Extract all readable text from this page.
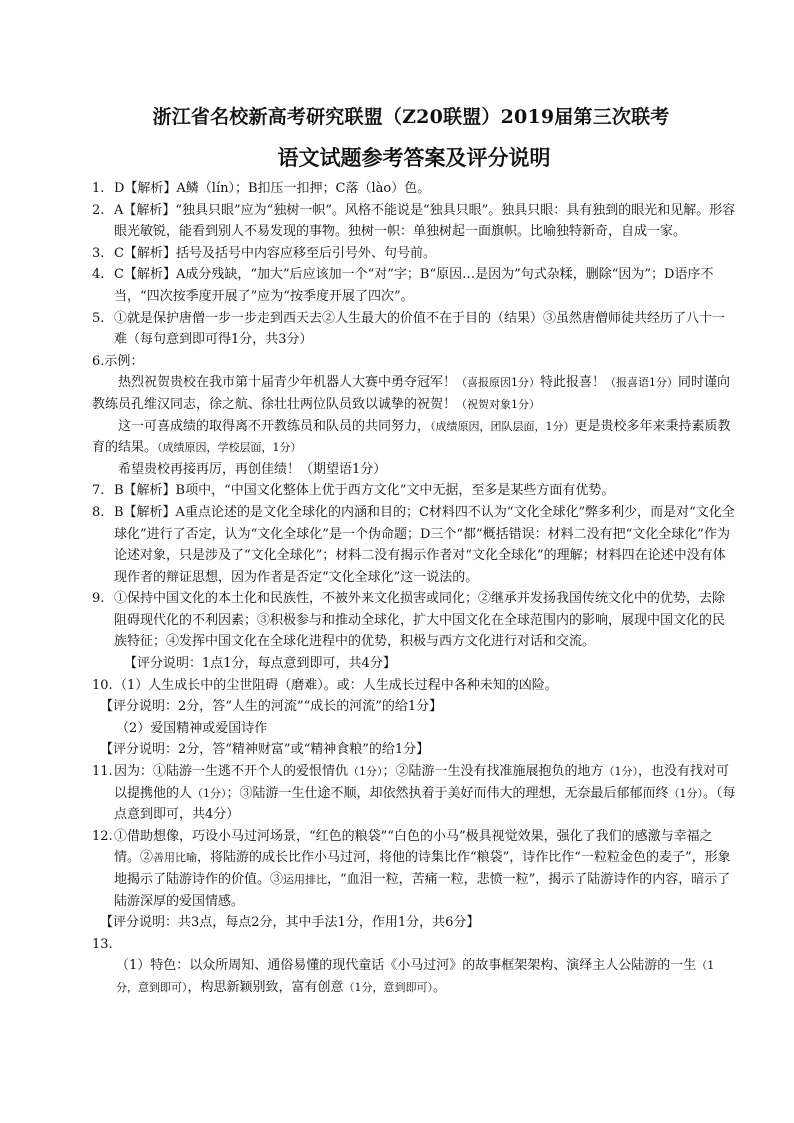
浙江省名校新高考研究联盟（Z20联盟）2019届第三次联考
语文试题参考答案及评分说明
1. D【解析】A鳞（lín）；B扣压一扣押；C落（lào）色。
2. A【解析】“独具只眼”应为“独树一帜”。风格不能说是“独具只眼”。独具只眼：具有独到的眼光和见解。形容眼光敏锐，能看到别人不易发现的事物。独树一帜：单独树起一面旗帜。比喻独特新奇，自成一家。
3. C【解析】括号及括号中内容应移至后引号外、句号前。
4. C【解析】A成分残缺，“加大”后应该加一个“对”字；B“原因…是因为”句式杂糅，删除“因为”；D语序不当，“四次按季度开展了”应为“按季度开展了四次”。
5. ①就是保护唐僧一步一步走到西天去②人生最大的价值不在于目的（结果）③虽然唐僧师徒共经历了八十一难（每句意到即可得1分，共3分）

6.示例：

热烈祝贺贵校在我市第十届青少年机器人大赛中勇夺冠军！（喜报原因1分）特此报喜！（报喜语1分）同时谨向教练员孔维汉同志，徐之航、徐壮壮两位队员致以诚挚的祝贺！（祝贺对象1分）

这一可喜成绩的取得离不开教练员和队员的共同努力，（成绩原因，团队层面，1分）更是贵校多年来秉持素质教育的结果。（成绩原因，学校层面，1分）

希望贵校再接再厉，再创佳绩！（期望语1分）

7. B【解析】B项中，“中国文化整体上优于西方文化”文中无据，至多是某些方面有优势。
8. B【解析】A重点论述的是文化全球化的内涵和目的；C材料四不认为“文化全球化”弊多利少，而是对“文化全球化”进行了否定，认为“文化全球化”是一个伪命题；D三个“都”概括错误：材料二没有把“文化全球化”作为论述对象，只是涉及了“文化全球化”；材料二没有揭示作者对“文化全球化”的理解；材料四在论述中没有体现作者的辩证思想，因为作者是否定“文化全球化”这一说法的。
9. ①保持中国文化的本土化和民族性，不被外来文化损害或同化；②继承并发扬我国传统文化中的优势，去除阻碍现代化的不利因素；③积极参与和推动全球化，扩大中国文化在全球范围内的影响，展现中国文化的民族特征；④发挥中国文化在全球化进程中的优势，积极与西方文化进行对话和交流。

【评分说明：1点1分，每点意到即可，共4分】

10. （1）人生成长中的尘世阻碍（磨难）。或：人生成长过程中各种未知的凶险。

【评分说明：2分，答“人生的河流”“成长的河流”的给1分】

（2）爱国精神或爱国诗作

【评分说明：2分，答“精神财富”或“精神食粮”的给1分】

11. 因为：①陆游一生逃不开个人的爱恨情仇（1分）；②陆游一生没有找准施展抱负的地方（1分），也没有找对可以提携他的人（1分）；③陆游一生仕途不顺，却依然执着于美好而伟大的理想，无奈最后郁郁而终（1分）。（每点意到即可，共4分）
12. ①借助想像，巧设小马过河场景，“红色的粮袋”“白色的小马”极具视觉效果，强化了我们的感激与幸福之情。②善用比喻，将陆游的成长比作小马过河，将他的诗集比作“粮袋”，诗作比作“一粒粒金色的麦子”，形象地揭示了陆游诗作的价值。③运用排比，“血泪一粒，苦痛一粒，悲愤一粒”，揭示了陆游诗作的内容，暗示了陆游深厚的爱国情感。

【评分说明：共3点，每点2分，其中手法1分，作用1分，共6分】

13.

（1）特色：以众所周知、通俗易懂的现代童话《小马过河》的故事框架架构、演绎主人公陆游的一生（1分，意到即可），构思新颖别致，富有创意（1分，意到即可）。
